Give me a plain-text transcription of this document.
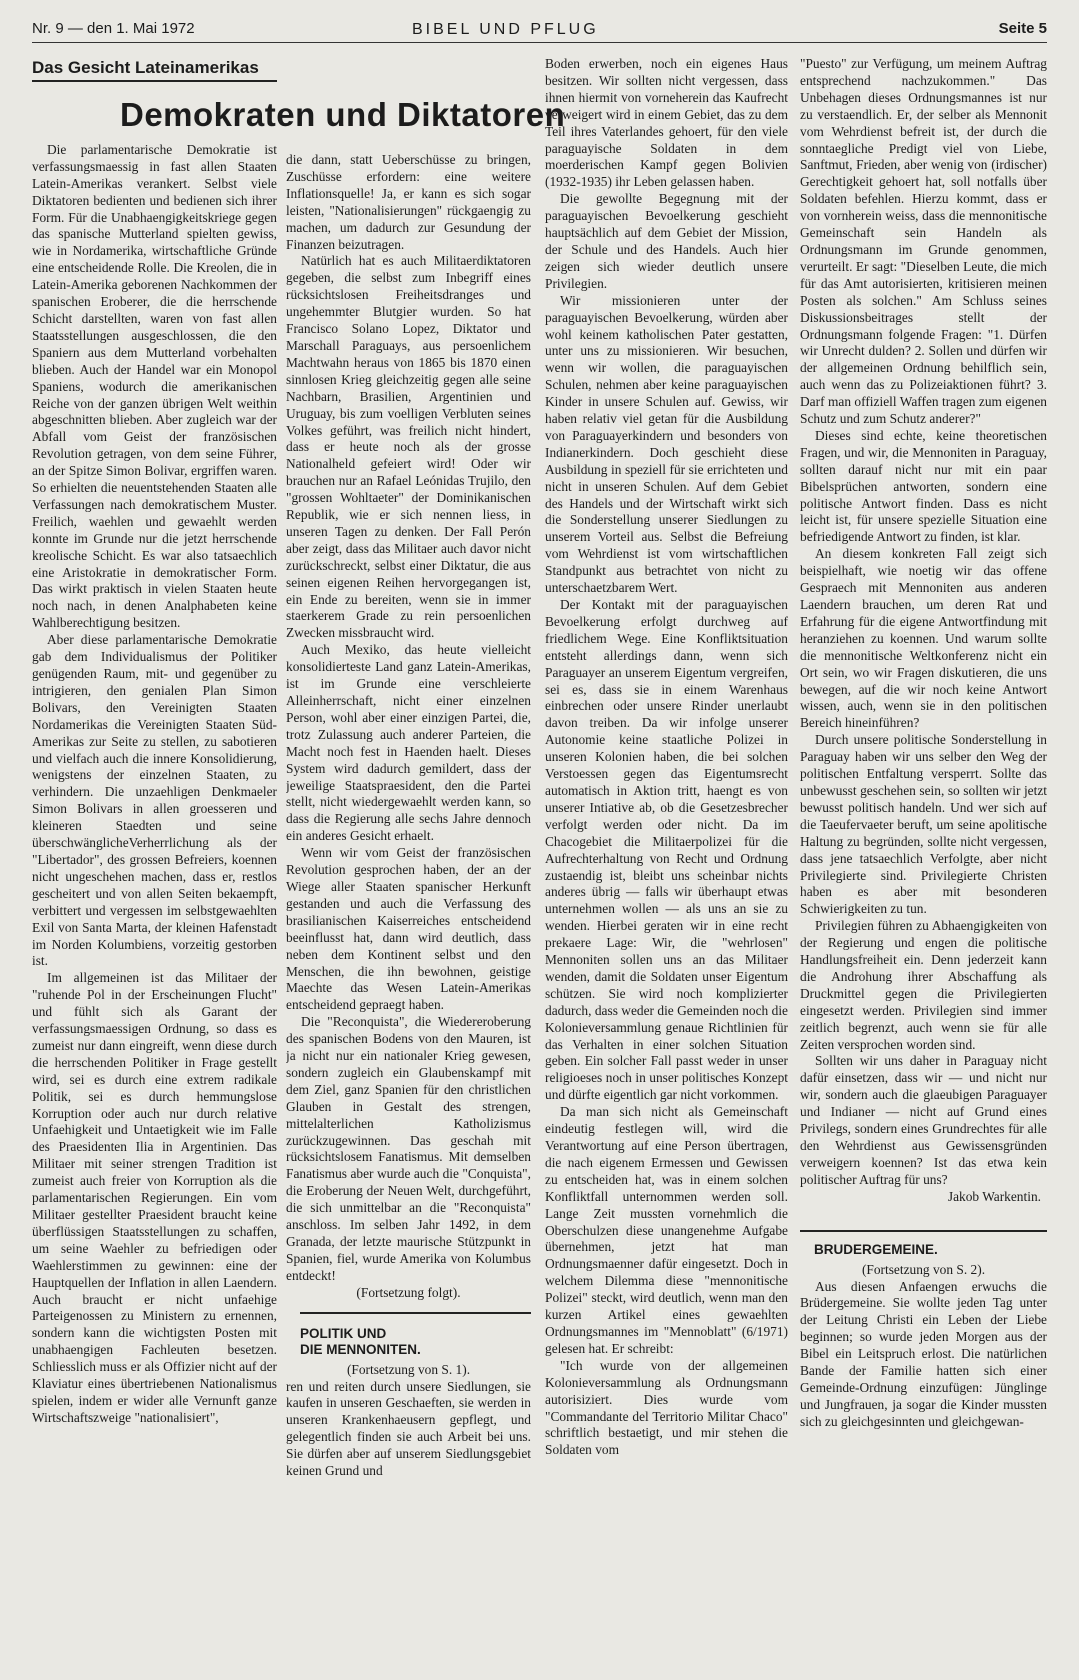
Nr. 9 — den 1. Mai 1972	BIBEL UND PFLUG	Seite 5
Demokraten und Diktatoren
Das Gesicht Lateinamerikas

Die parlamentarische Demokratie ist verfassungsmaessig in fast allen Staaten Latein-Amerikas verankert. Selbst viele Diktatoren bedienten und bedienen sich ihrer Form. Für die Unabhaengigkeitskriege gegen das spanische Mutterland spielten gewiss, wie in Nordamerika, wirtschaftliche Gründe eine entscheidende Rolle. Die Kreolen, die in Latein-Amerika geborenen Nachkommen der spanischen Eroberer, die die herrschende Schicht darstellten, waren von fast allen Staatsstellungen ausgeschlossen, die den Spaniern aus dem Mutterland vorbehalten blieben. Auch der Handel war ein Monopol Spaniens, wodurch die amerikanischen Reiche von der ganzen übrigen Welt weithin abgeschnitten blieben. Aber zugleich war der Abfall vom Geist der französischen Revolution getragen, von dem seine Führer, an der Spitze Simon Bolivar, ergriffen waren. So erhielten die neuentstehenden Staaten alle Verfassungen nach demokratischem Muster. Freilich, waehlen und gewaehlt werden konnte im Grunde nur die jetzt herrschende kreolische Schicht. Es war also tatsaechlich eine Aristokratie in demokratischer Form. Das wirkt praktisch in vielen Staaten heute noch nach, in denen Analphabeten keine Wahlberechtigung besitzen.

Aber diese parlamentarische Demokratie gab dem Individualismus der Politiker genügenden Raum, mit- und gegenüber zu intrigieren, den genialen Plan Simon Bolivars, den Vereinigten Staaten Nordamerikas die Vereinigten Staaten Süd-Amerikas zur Seite zu stellen, zu sabotieren und vielfach auch die innere Konsolidierung, wenigstens der einzelnen Staaten, zu verhindern. Die unzaehligen Denkmaeler Simon Bolivars in allen groesseren und kleineren Staedten und seine überschwänglicheVerherrlichung als der "Libertador", des grossen Befreiers, koennen nicht ungeschehen machen, dass er, restlos gescheitert und von allen Seiten bekaempft, verbittert und vergessen im selbstgewaehlten Exil von Santa Marta, der kleinen Hafenstadt im Norden Kolumbiens, vorzeitig gestorben ist.

Im allgemeinen ist das Militaer der "ruhende Pol in der Erscheinungen Flucht" und fühlt sich als Garant der verfassungsmaessigen Ordnung, so dass es zumeist nur dann eingreift, wenn diese durch die herrschenden Politiker in Frage gestellt wird, sei es durch eine extrem radikale Politik, sei es durch hemmungslose Korruption oder auch nur durch relative Unfaehigkeit und Untaetigkeit wie im Falle des Praesidenten Ilia in Argentinien. Das Militaer mit seiner strengen Tradition ist zumeist auch freier von Korruption als die parlamentarischen Regierungen. Ein vom Militaer gestellter Praesident braucht keine überflüssigen Staatsstellungen zu schaffen, um seine Waehler zu befriedigen oder Waehlerstimmen zu gewinnen: eine der Hauptquellen der Inflation in allen Laendern. Auch braucht er nicht unfaehige Parteigenossen zu Ministern zu ernennen, sondern kann die wichtigsten Posten mit unabhaengigen Fachleuten besetzen. Schliesslich muss er als Offizier nicht auf der Klaviatur eines übertriebenen Nationalismus spielen, indem er wider alle Vernunft ganze Wirtschaftszweige "nationalisiert",

die dann, statt Ueberschüsse zu bringen, Zuschüsse erfordern: eine weitere Inflationsquelle! Ja, er kann es sich sogar leisten, "Nationalisierungen" rückgaengig zu machen, um dadurch zur Gesundung der Finanzen beizutragen.

Natürlich hat es auch Militaerdiktatoren gegeben, die selbst zum Inbegriff eines rücksichtslosen Freiheitsdranges und ungehemmter Blutgier wurden. So hat Francisco Solano Lopez, Diktator und Marschall Paraguays, aus persoenlichem Machtwahn heraus von 1865 bis 1870 einen sinnlosen Krieg gleichzeitig gegen alle seine Nachbarn, Brasilien, Argentinien und Uruguay, bis zum voelligen Verbluten seines Volkes geführt, was freilich nicht hindert, dass er heute noch als der grosse Nationalheld gefeiert wird! Oder wir brauchen nur an Rafael Leónidas Trujilo, den "grossen Wohltaeter" der Dominikanischen Republik, wie er sich nennen liess, in unseren Tagen zu denken. Der Fall Perón aber zeigt, dass das Militaer auch davor nicht zurückschreckt, selbst einer Diktatur, die aus seinen eigenen Reihen hervorgegangen ist, ein Ende zu bereiten, wenn sie in immer staerkerem Grade zu rein persoenlichen Zwecken missbraucht wird.

Auch Mexiko, das heute vielleicht konsolidierteste Land ganz Latein-Amerikas, ist im Grunde eine verschleierte Alleinherrschaft, nicht einer einzelnen Person, wohl aber einer einzigen Partei, die, trotz Zulassung auch anderer Parteien, die Macht noch fest in Haenden haelt. Dieses System wird dadurch gemildert, dass der jeweilige Staatspraesident, den die Partei stellt, nicht wiedergewaehlt werden kann, so dass die Regierung alle sechs Jahre dennoch ein anderes Gesicht erhaelt.

Wenn wir vom Geist der französischen Revolution gesprochen haben, der an der Wiege aller Staaten spanischer Herkunft gestanden und auch die Verfassung des brasilianischen Kaiserreiches entscheidend beeinflusst hat, dann wird deutlich, dass neben dem Kontinent selbst und den Menschen, die ihn bewohnen, geistige Maechte das Wesen Latein-Amerikas entscheidend gepraegt haben.

Die "Reconquista", die Wiedereroberung des spanischen Bodens von den Mauren, ist ja nicht nur ein nationaler Krieg gewesen, sondern zugleich ein Glaubenskampf mit dem Ziel, ganz Spanien für den christlichen Glauben in Gestalt des strengen, mittelalterlichen Katholizismus zurückzugewinnen. Das geschah mit rücksichtslosem Fanatismus. Mit demselben Fanatismus aber wurde auch die "Conquista", die Eroberung der Neuen Welt, durchgeführt, die sich unmittelbar an die "Reconquista" anschloss. Im selben Jahr 1492, in dem Granada, der letzte maurische Stützpunkt in Spanien, fiel, wurde Amerika von Kolumbus entdeckt!

(Fortsetzung folgt).

POLITIK UND
DIE MENNONITEN.

(Fortsetzung von S. 1).

ren und reiten durch unsere Siedlungen, sie kaufen in unseren Geschaeften, sie werden in unseren Krankenhaeusern gepflegt, und gelegentlich finden sie auch Arbeit bei uns. Sie dürfen aber auf unserem Siedlungsgebiet keinen Grund und

Boden erwerben, noch ein eigenes Haus besitzen. Wir sollten nicht vergessen, dass ihnen hiermit von vorneherein das Kaufrecht verweigert wird in einem Gebiet, das zu dem Teil ihres Vaterlandes gehoert, für den viele paraguayische Soldaten in dem moerderischen Kampf gegen Bolivien (1932-1935) ihr Leben gelassen haben.

Die gewollte Begegnung mit der paraguayischen Bevoelkerung geschieht hauptsächlich auf dem Gebiet der Mission, der Schule und des Handels. Auch hier zeigen sich wieder deutlich unsere Privilegien.

Wir missionieren unter der paraguayischen Bevoelkerung, würden aber wohl keinem katholischen Pater gestatten, unter uns zu missionieren. Wir besuchen, wenn wir wollen, die paraguayischen Schulen, nehmen aber keine paraguayischen Kinder in unsere Schulen auf. Gewiss, wir haben relativ viel getan für die Ausbildung von Paraguayerkindern und besonders von Indianerkindern. Doch geschieht diese Ausbildung in speziell für sie errichteten und nicht in unseren Schulen. Auf dem Gebiet des Handels und der Wirtschaft wirkt sich die Sonderstellung unserer Siedlungen zu unserem Vorteil aus. Selbst die Befreiung vom Wehrdienst ist vom wirtschaftlichen Standpunkt aus betrachtet von nicht zu unterschaetzbarem Wert.

Der Kontakt mit der paraguayischen Bevoelkerung erfolgt durchweg auf friedlichem Wege. Eine Konfliktsituation entsteht allerdings dann, wenn sich Paraguayer an unserem Eigentum vergreifen, sei es, dass sie in einem Warenhaus einbrechen oder unsere Rinder unerlaubt davon treiben. Da wir infolge unserer Autonomie keine staatliche Polizei in unseren Kolonien haben, die bei solchen Verstoessen gegen das Eigentumsrecht automatisch in Aktion tritt, haengt es von unserer Intiative ab, ob die Gesetzesbrecher verfolgt werden oder nicht. Da im Chacogebiet die Militaerpolizei für die Aufrechterhaltung von Recht und Ordnung zustaendig ist, bleibt uns scheinbar nichts anderes übrig — falls wir überhaupt etwas unternehmen wollen — als uns an sie zu wenden. Hierbei geraten wir in eine recht prekaere Lage: Wir, die "wehrlosen" Mennoniten sollen uns an das Militaer wenden, damit die Soldaten unser Eigentum schützen. Sie wird noch komplizierter dadurch, dass weder die Gemeinden noch die Kolonieversammlung genaue Richtlinien für das Verhalten in einer solchen Situation geben. Ein solcher Fall passt weder in unser religioeses noch in unser politisches Konzept und dürfte eigentlich gar nicht vorkommen.

Da man sich nicht als Gemeinschaft eindeutig festlegen will, wird die Verantwortung auf eine Person übertragen, die nach eigenem Ermessen und Gewissen zu entscheiden hat, was in einem solchen Konfliktfall unternommen werden soll. Lange Zeit mussten vornehmlich die Oberschulzen diese unangenehme Aufgabe übernehmen, jetzt hat man Ordnungsmaenner dafür eingesetzt. Doch in welchem Dilemma diese "mennonitische Polizei" steckt, wird deutlich, wenn man den kurzen Artikel eines gewaehlten Ordnungsmannes im "Mennoblatt" (6/1971) gelesen hat. Er schreibt:

"Ich wurde von der allgemeinen Kolonieversammlung als Ordnungsmann autorisiziert. Dies wurde vom "Commandante del Territorio Militar Chaco" schriftlich bestaetigt, und mir stehen die Soldaten vom

"Puesto" zur Verfügung, um meinem Auftrag entsprechend nachzukommen." Das Unbehagen dieses Ordnungsmannes ist nur zu verstaendlich. Er, der selber als Mennonit vom Wehrdienst befreit ist, der durch die sonntaegliche Predigt viel von Liebe, Sanftmut, Frieden, aber wenig von (irdischer) Gerechtigkeit gehoert hat, soll notfalls über Soldaten befehlen. Hierzu kommt, dass er von vornherein weiss, dass die mennonitische Gemeinschaft sein Handeln als Ordnungsmann im Grunde genommen, verurteilt. Er sagt: "Dieselben Leute, die mich für das Amt autorisierten, kritisieren meinen Posten als solchen." Am Schluss seines Diskussionsbeitrages stellt der Ordnungsmann folgende Fragen: "1. Dürfen wir Unrecht dulden? 2. Sollen und dürfen wir der allgemeinen Ordnung behilflich sein, auch wenn das zu Polizeiaktionen führt? 3. Darf man offiziell Waffen tragen zum eigenen Schutz und zum Schutz anderer?"

Dieses sind echte, keine theoretischen Fragen, und wir, die Mennoniten in Paraguay, sollten darauf nicht nur mit ein paar Bibelsprüchen antworten, sondern eine politische Antwort finden. Dass es nicht leicht ist, für unsere spezielle Situation eine befriedigende Antwort zu finden, ist klar.

An diesem konkreten Fall zeigt sich beispielhaft, wie noetig wir das offene Gespraech mit Mennoniten aus anderen Laendern brauchen, um deren Rat und Erfahrung für die eigene Antwortfindung mit heranziehen zu koennen. Und warum sollte die mennonitische Weltkonferenz nicht ein Ort sein, wo wir Fragen diskutieren, die uns bewegen, auf die wir noch keine Antwort wissen, auch, wenn sie in den politischen Bereich hineinführen?

Durch unsere politische Sonderstellung in Paraguay haben wir uns selber den Weg der politischen Entfaltung versperrt. Sollte das unbewusst geschehen sein, so sollten wir jetzt bewusst politisch handeln. Und wer sich auf die Taeufervaeter beruft, um seine apolitische Haltung zu begründen, sollte nicht vergessen, dass jene tatsaechlich Verfolgte, aber nicht Privilegierte sind. Privilegierte Christen haben es aber mit besonderen Schwierigkeiten zu tun.

Privilegien führen zu Abhaengigkeiten von der Regierung und engen die politische Handlungsfreiheit ein. Denn jederzeit kann die Androhung ihrer Abschaffung als Druckmittel gegen die Privilegierten eingesetzt werden. Privilegien sind immer zeitlich begrenzt, auch wenn sie für alle Zeiten versprochen worden sind.

Sollten wir uns daher in Paraguay nicht dafür einsetzen, dass wir — und nicht nur wir, sondern auch die glaeubigen Paraguayer und Indianer — nicht auf Grund eines Privilegs, sondern eines Grundrechtes für alle den Wehrdienst aus Gewissensgründen verweigern koennen? Ist das etwa kein politischer Auftrag für uns?

Jakob Warkentin.

BRUDERGEMEINE.

(Fortsetzung von S. 2).

Aus diesen Anfaengen erwuchs die Brüdergemeine. Sie wollte jeden Tag unter der Leitung Christi ein Leben der Liebe beginnen; so wurde jeden Morgen aus der Bibel ein Leitspruch erlost. Die natürlichen Bande der Familie hatten sich einer Gemeinde-Ordnung einzufügen: Jünglinge und Jungfrauen, ja sogar die Kinder mussten sich zu gleichgesinnten und gleichgewan-
